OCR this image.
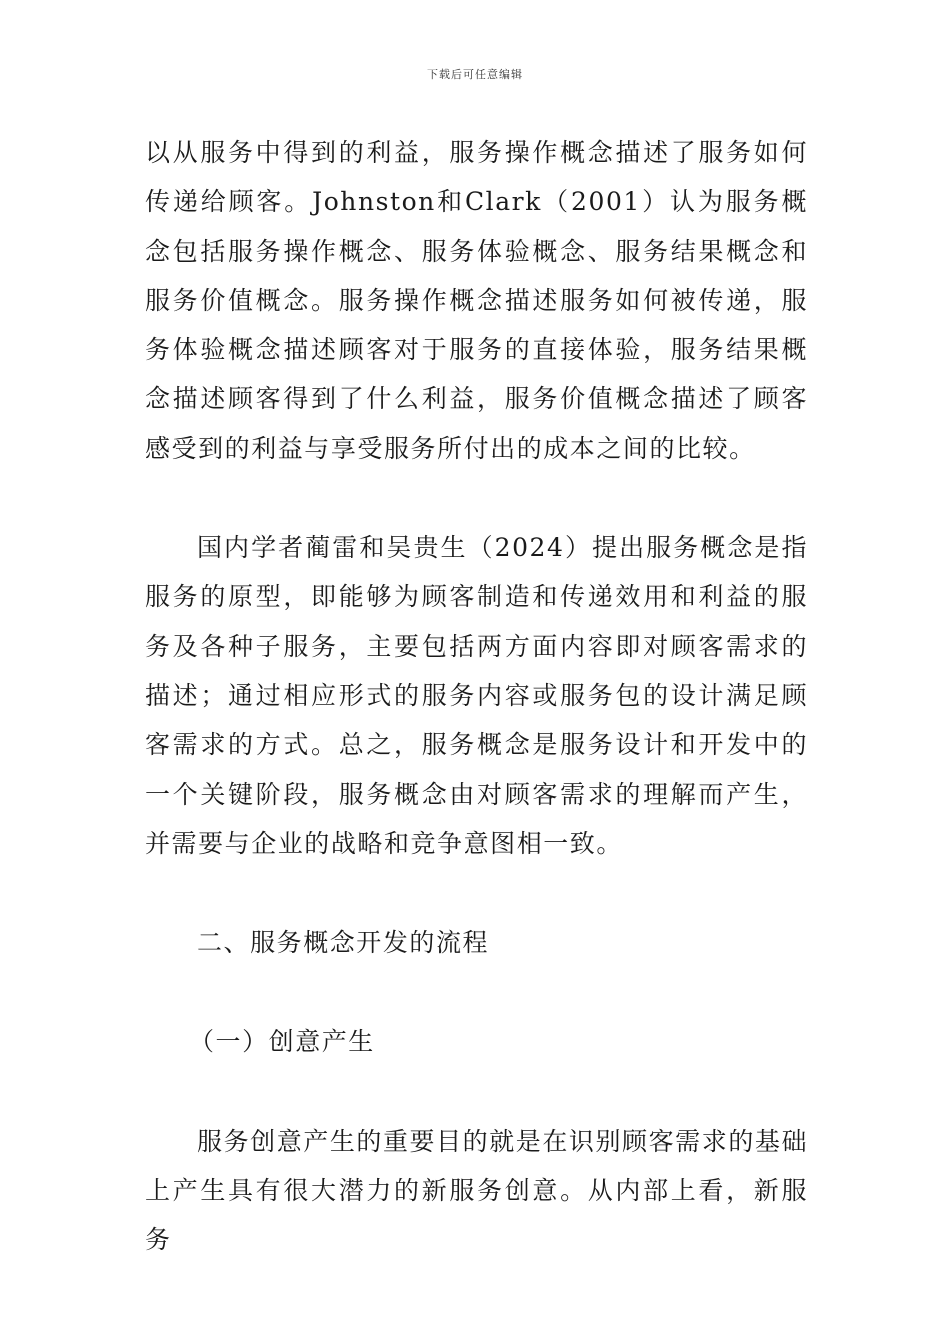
下载后可任意编辑

以从服务中得到的利益，服务操作概念描述了服务如何传递给顾客。Johnston和Clark（2001）认为服务概念包括服务操作概念、服务体验概念、服务结果概念和服务价值概念。服务操作概念描述服务如何被传递，服务体验概念描述顾客对于服务的直接体验，服务结果概念描述顾客得到了什么利益，服务价值概念描述了顾客感受到的利益与享受服务所付出的成本之间的比较。

国内学者蔺雷和吴贵生（2024）提出服务概念是指服务的原型，即能够为顾客制造和传递效用和利益的服务及各种子服务，主要包括两方面内容即对顾客需求的描述；通过相应形式的服务内容或服务包的设计满足顾客需求的方式。总之，服务概念是服务设计和开发中的一个关键阶段，服务概念由对顾客需求的理解而产生，并需要与企业的战略和竞争意图相一致。

二、服务概念开发的流程

（一）创意产生

服务创意产生的重要目的就是在识别顾客需求的基础上产生具有很大潜力的新服务创意。从内部上看，新服务
